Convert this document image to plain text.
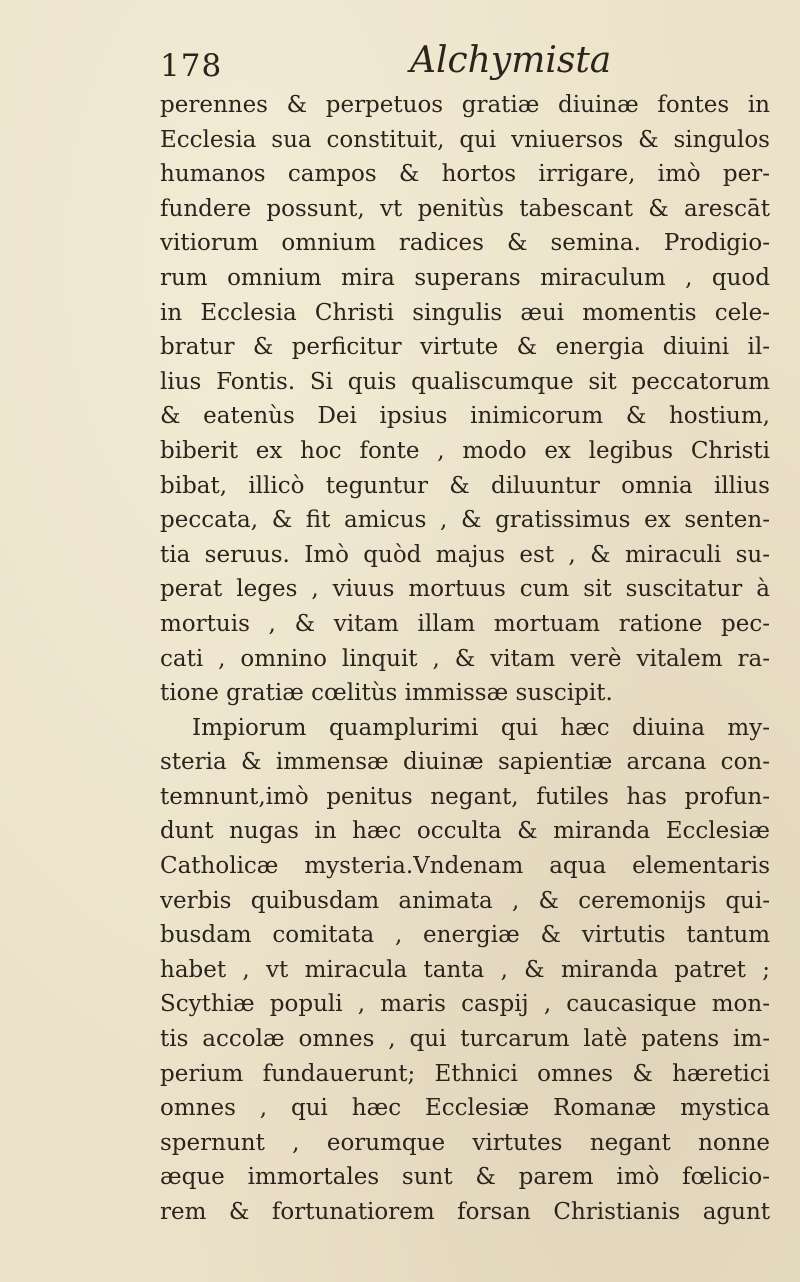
178	Alchymista
perennes & perpetuos gratiæ diuinæ fontes in
Ecclesia sua constituit, qui vniuersos & singulos
humanos campos & hortos irrigare, imò per-
fundere possunt, vt penitùs tabescant & arescāt
vitiorum omnium radices & semina. Prodigio-
rum omnium mira superans miraculum , quod
in Ecclesia Christi singulis æui momentis cele-
bratur & perficitur virtute & energia diuini il-
lius Fontis. Si quis qualiscumque sit peccatorum
& eatenùs Dei ipsius inimicorum & hostium,
biberit ex hoc fonte , modo ex legibus Christi
bibat, illicò teguntur & diluuntur omnia illius
peccata, & fit amicus , & gratissimus ex senten-
tia seruus. Imò quòd majus est , & miraculi su-
perat leges , viuus mortuus cum sit suscitatur à
mortuis , & vitam illam mortuam ratione pec-
cati , omnino linquit , & vitam verè vitalem ra-
tione gratiæ cœlitùs immissæ suscipit.
Impiorum quamplurimi qui hæc diuina my-
steria & immensæ diuinæ sapientiæ arcana con-
temnunt,imò penitus negant, futiles has profun-
dunt nugas in hæc occulta & miranda Ecclesiæ
Catholicæ mysteria.Vndenam aqua elementaris
verbis quibusdam animata , & ceremonijs qui-
busdam comitata , energiæ & virtutis tantum
habet , vt miracula tanta , & miranda patret ;
Scythiæ populi , maris caspij , caucasique mon-
tis accolæ omnes , qui turcarum latè patens im-
perium fundauerunt; Ethnici omnes & hæretici
omnes , qui hæc Ecclesiæ Romanæ mystica
spernunt , eorumque virtutes negant nonne
æque immortales sunt & parem imò fœlicio-
rem & fortunatiorem forsan Christianis agunt
